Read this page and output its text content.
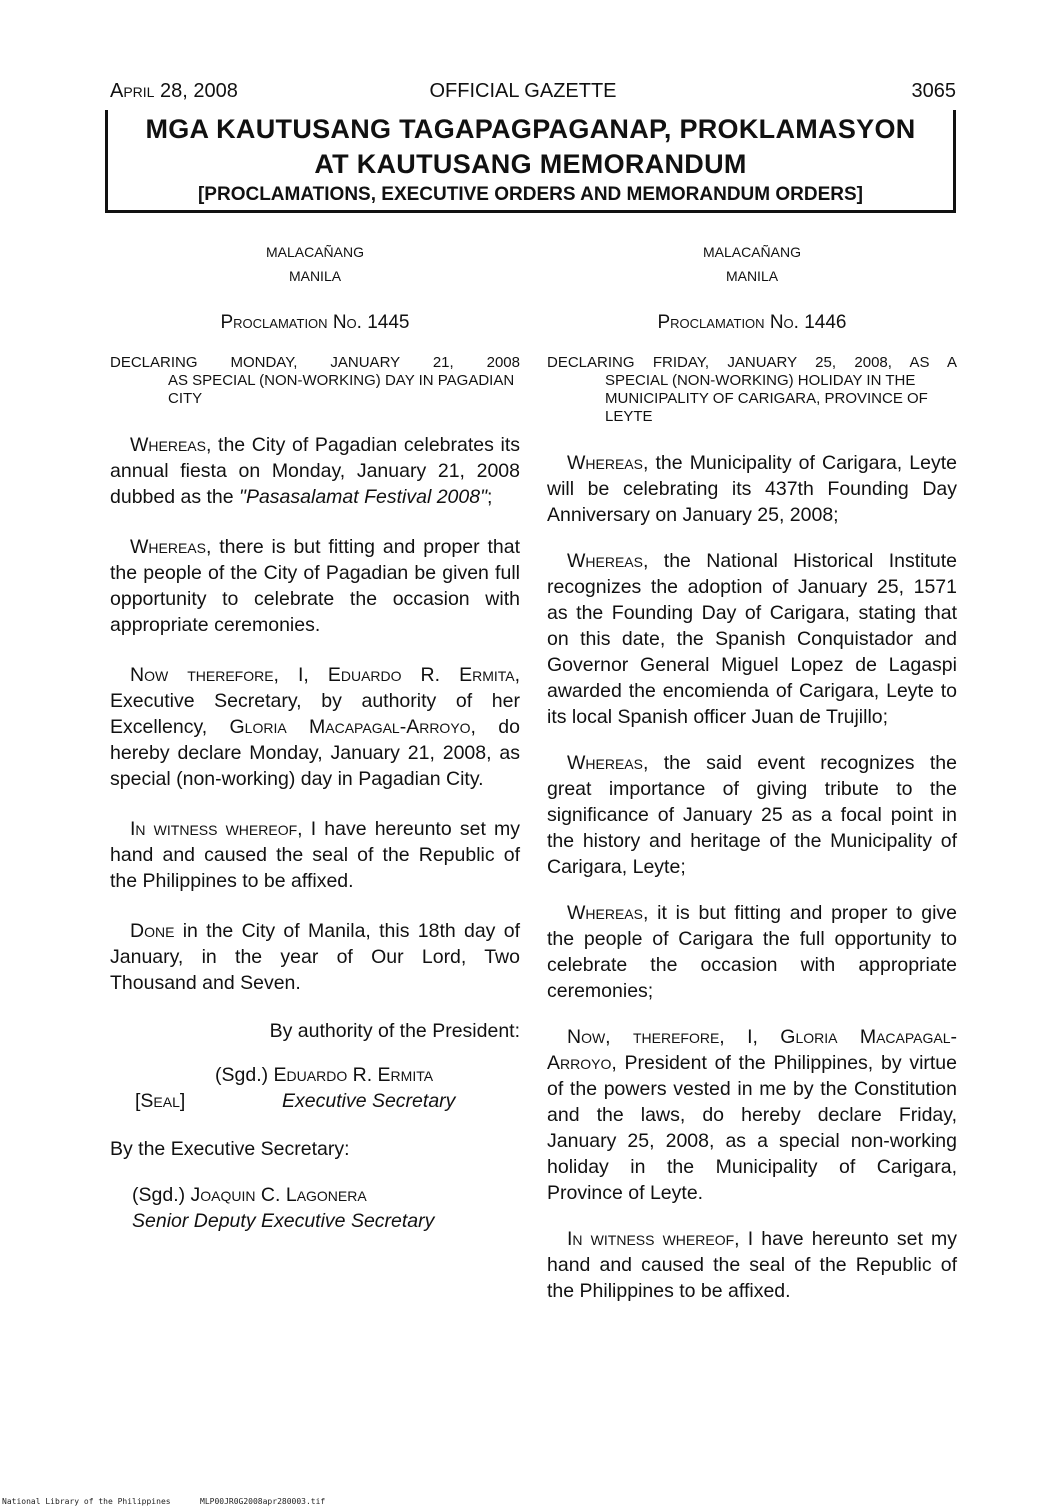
April 28, 2008	OFFICIAL GAZETTE	3065
MGA KAUTUSANG TAGAPAGPAGANAP, PROKLAMASYON
AT KAUTUSANG MEMORANDUM
[PROCLAMATIONS, EXECUTIVE ORDERS AND MEMORANDUM ORDERS]
MALACAÑANG
MANILA
Proclamation No. 1445
DECLARING MONDAY, JANUARY 21, 2008
AS SPECIAL (NON-WORKING) DAY IN PAGADIAN CITY

Whereas, the City of Pagadian celebrates its annual fiesta on Monday, January 21, 2008 dubbed as the "Pasasalamat Festival 2008";

Whereas, there is but fitting and proper that the people of the City of Pagadian be given full opportunity to celebrate the occasion with appropriate ceremonies.

Now therefore, I, Eduardo R. Ermita, Executive Secretary, by authority of her Excellency, Gloria Macapagal-Arroyo, do hereby declare Monday, January 21, 2008, as special (non-working) day in Pagadian City.

In witness whereof, I have hereunto set my hand and caused the seal of the Republic of the Philippines to be affixed.

Done in the City of Manila, this 18th day of January, in the year of Our Lord, Two Thousand and Seven.

By authority of the President:
(Sgd.) Eduardo R. Ermita
[Seal]	Executive Secretary
By the Executive Secretary:
(Sgd.) Joaquin C. Lagonera
Senior Deputy Executive Secretary
MALACAÑANG
MANILA
Proclamation No. 1446
DECLARING FRIDAY, JANUARY 25, 2008, AS A
SPECIAL (NON-WORKING) HOLIDAY IN THE MUNICIPALITY OF CARIGARA, PROVINCE OF LEYTE

Whereas, the Municipality of Carigara, Leyte will be celebrating its 437th Founding Day Anniversary on January 25, 2008;

Whereas, the National Historical Institute recognizes the adoption of January 25, 1571 as the Founding Day of Carigara, stating that on this date, the Spanish Conquistador and Governor General Miguel Lopez de Lagaspi awarded the encomienda of Carigara, Leyte to its local Spanish officer Juan de Trujillo;

Whereas, the said event recognizes the great importance of giving tribute to the significance of January 25 as a focal point in the history and heritage of the Municipality of Carigara, Leyte;

Whereas, it is but fitting and proper to give the people of Carigara the full opportunity to celebrate the occasion with appropriate ceremonies;

Now, therefore, I, Gloria Macapagal-Arroyo, President of the Philippines, by virtue of the powers vested in me by the Constitution and the laws, do hereby declare Friday, January 25, 2008, as a special non-working holiday in the Municipality of Carigara, Province of Leyte.

In witness whereof, I have hereunto set my hand and caused the seal of the Republic of the Philippines to be affixed.

National Library of the Philippines	MLP00JR0G2008apr280003.tif
